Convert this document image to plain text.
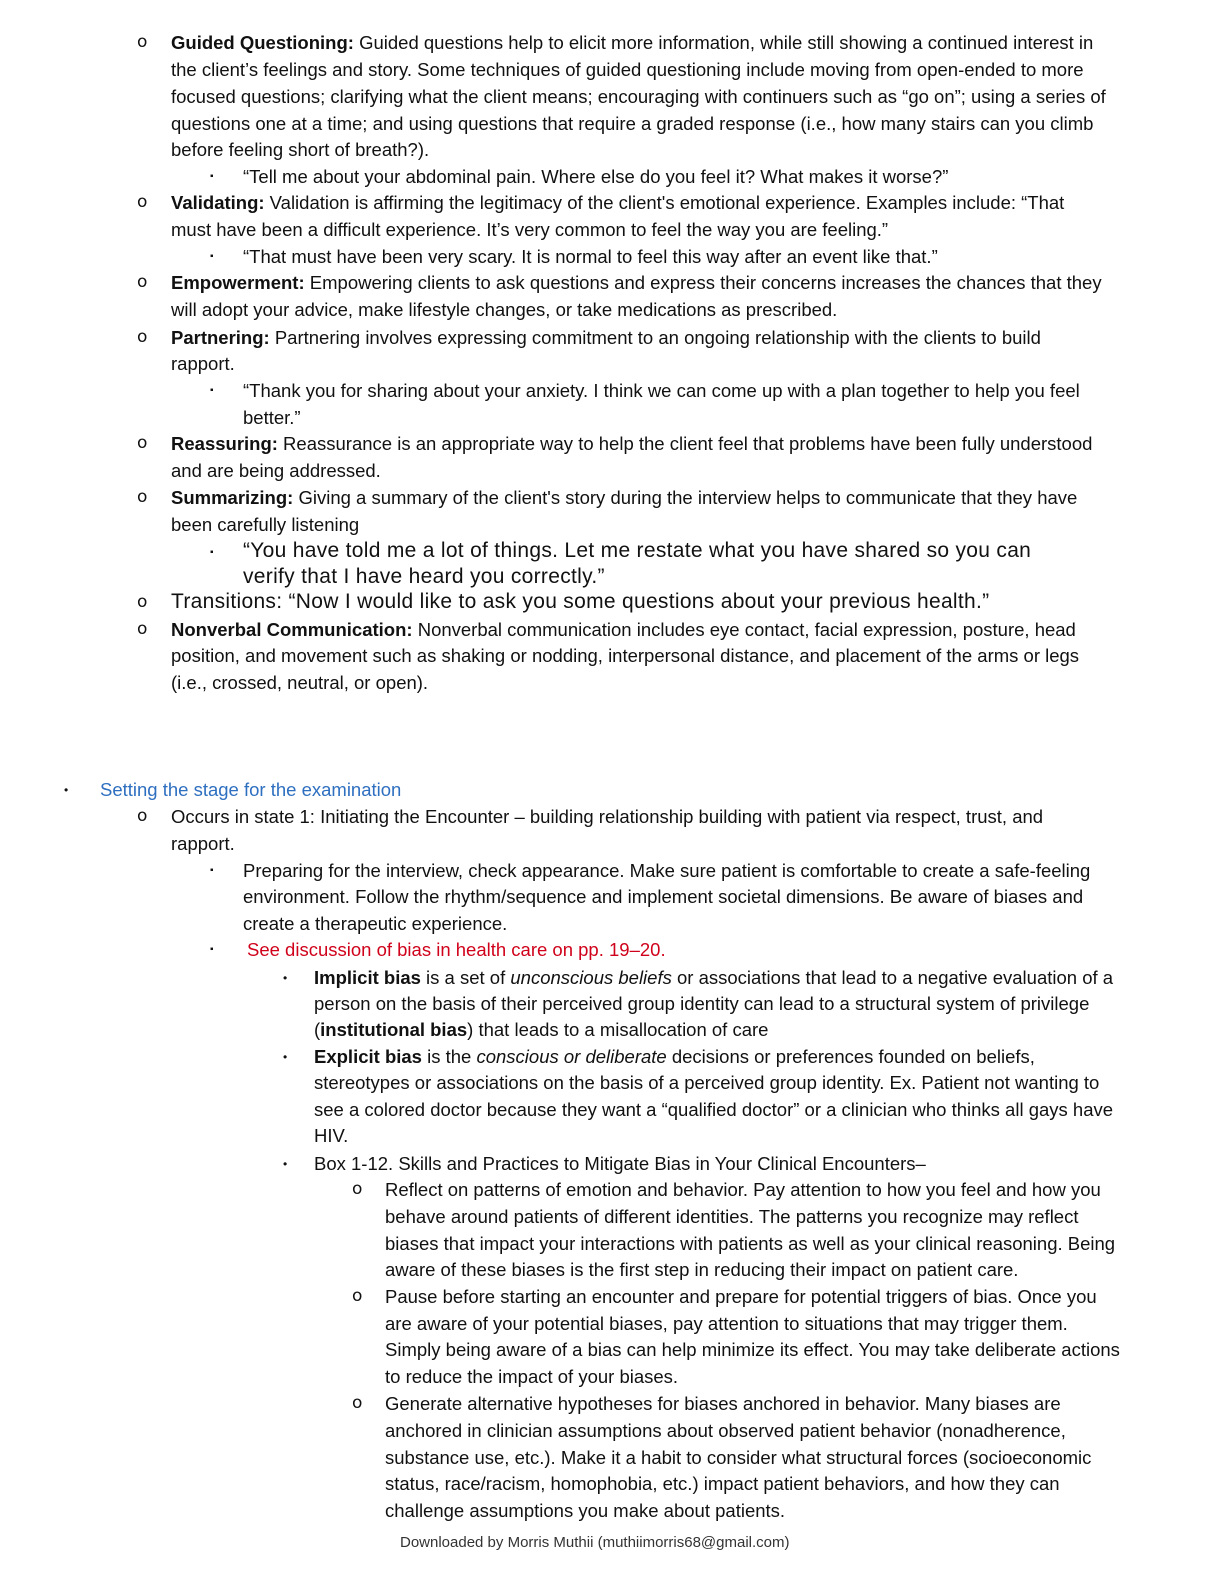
o Guided Questioning: Guided questions help to elicit more information, while still showing a continued interest in
the client’s feelings and story. Some techniques of guided questioning include moving from open-ended to more
focused questions; clarifying what the client means; encouraging with continuers such as “go on”; using a series of
questions one at a time; and using questions that require a graded response (i.e., how many stairs can you climb
before feeling short of breath?).
▪ “Tell me about your abdominal pain. Where else do you feel it? What makes it worse?”
o Validating: Validation is affirming the legitimacy of the client's emotional experience. Examples include: “That
must have been a difficult experience. It’s very common to feel the way you are feeling.”
▪ “That must have been very scary. It is normal to feel this way after an event like that.”
o Empowerment: Empowering clients to ask questions and express their concerns increases the chances that they
will adopt your advice, make lifestyle changes, or take medications as prescribed.
o Partnering: Partnering involves expressing commitment to an ongoing relationship with the clients to build
rapport.
▪ “Thank you for sharing about your anxiety. I think we can come up with a plan together to help you feel
better.”
o Reassuring: Reassurance is an appropriate way to help the client feel that problems have been fully understood
and are being addressed.
o Summarizing: Giving a summary of the client's story during the interview helps to communicate that they have
been carefully listening
▪ “You have told me a lot of things. Let me restate what you have shared so you can
verify that I have heard you correctly.”
o Transitions: “Now I would like to ask you some questions about your previous health.”
o Nonverbal Communication: Nonverbal communication includes eye contact, facial expression, posture, head
position, and movement such as shaking or nodding, interpersonal distance, and placement of the arms or legs
(i.e., crossed, neutral, or open).
• Setting the stage for the examination
o Occurs in state 1: Initiating the Encounter – building relationship building with patient via respect, trust, and
rapport.
▪ Preparing for the interview, check appearance. Make sure patient is comfortable to create a safe-feeling
environment. Follow the rhythm/sequence and implement societal dimensions. Be aware of biases and
create a therapeutic experience.
▪ See discussion of bias in health care on pp. 19–20.
• Implicit bias is a set of unconscious beliefs or associations that lead to a negative evaluation of a
person on the basis of their perceived group identity can lead to a structural system of privilege
(institutional bias) that leads to a misallocation of care
• Explicit bias is the conscious or deliberate decisions or preferences founded on beliefs,
stereotypes or associations on the basis of a perceived group identity. Ex. Patient not wanting to
see a colored doctor because they want a “qualified doctor” or a clinician who thinks all gays have
HIV.
• Box 1-12. Skills and Practices to Mitigate Bias in Your Clinical Encounters–
o Reflect on patterns of emotion and behavior. Pay attention to how you feel and how you
behave around patients of different identities. The patterns you recognize may reflect
biases that impact your interactions with patients as well as your clinical reasoning. Being
aware of these biases is the first step in reducing their impact on patient care.
o Pause before starting an encounter and prepare for potential triggers of bias. Once you
are aware of your potential biases, pay attention to situations that may trigger them.
Simply being aware of a bias can help minimize its effect. You may take deliberate actions
to reduce the impact of your biases.
o Generate alternative hypotheses for biases anchored in behavior. Many biases are
anchored in clinician assumptions about observed patient behavior (nonadherence,
substance use, etc.). Make it a habit to consider what structural forces (socioeconomic
status, race/racism, homophobia, etc.) impact patient behaviors, and how they can
challenge assumptions you make about patients.
Downloaded by Morris Muthii (muthiimorris68@gmail.com)
